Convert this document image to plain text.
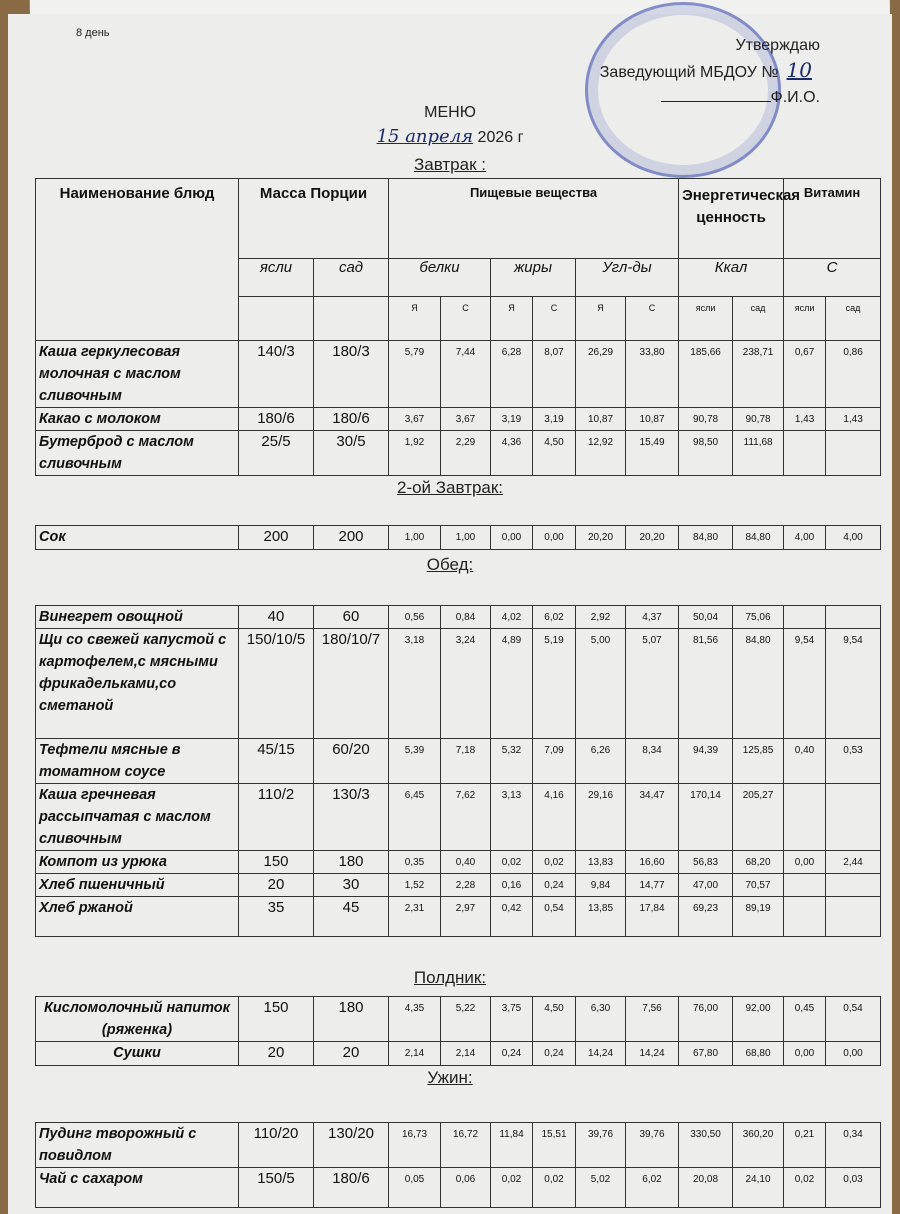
8 день
Утверждаю
Заведующий МБДОУ № 10
Ф.И.О.
МЕНЮ
15 апреля 2026 г
Завтрак :
Наименование блюд	Масса Порции		Пищевые вещества						Энергетическая ценность		Витамин	
	ясли	сад	белки		жиры		Угл-ды		Ккал		С	
			Я	С	Я	С	Я	С	ясли	сад	ясли	сад
Каша геркулесовая молочная с маслом сливочным	140/3	180/3	5,79	7,44	6,28	8,07	26,29	33,80	185,66	238,71	0,67	0,86
Какао с молоком	180/6	180/6	3,67	3,67	3,19	3,19	10,87	10,87	90,78	90,78	1,43	1,43
Бутерброд с маслом сливочным	25/5	30/5	1,92	2,29	4,36	4,50	12,92	15,49	98,50	111,68		
2-ой Завтрак:
Сок	200	200	1,00	1,00	0,00	0,00	20,20	20,20	84,80	84,80	4,00	4,00
Обед:
Винегрет овощной	40	60	0,56	0,84	4,02	6,02	2,92	4,37	50,04	75,06		
Щи со свежей капустой с картофелем,с мясными фрикадельками,со сметаной	150/10/5	180/10/7	3,18	3,24	4,89	5,19	5,00	5,07	81,56	84,80	9,54	9,54
Тефтели мясные в томатном соусе	45/15	60/20	5,39	7,18	5,32	7,09	6,26	8,34	94,39	125,85	0,40	0,53
Каша гречневая рассыпчатая с маслом сливочным	110/2	130/3	6,45	7,62	3,13	4,16	29,16	34,47	170,14	205,27		
Компот из урюка	150	180	0,35	0,40	0,02	0,02	13,83	16,60	56,83	68,20	0,00	2,44
Хлеб пшеничный	20	30	1,52	2,28	0,16	0,24	9,84	14,77	47,00	70,57		
Хлеб ржаной	35	45	2,31	2,97	0,42	0,54	13,85	17,84	69,23	89,19		
Полдник:
Кисломолочный напиток (ряженка)	150	180	4,35	5,22	3,75	4,50	6,30	7,56	76,00	92,00	0,45	0,54
Сушки	20	20	2,14	2,14	0,24	0,24	14,24	14,24	67,80	68,80	0,00	0,00
Ужин:
Пудинг творожный с повидлом	110/20	130/20	16,73	16,72	11,84	15,51	39,76	39,76	330,50	360,20	0,21	0,34
Чай с сахаром	150/5	180/6	0,05	0,06	0,02	0,02	5,02	6,02	20,08	24,10	0,02	0,03
